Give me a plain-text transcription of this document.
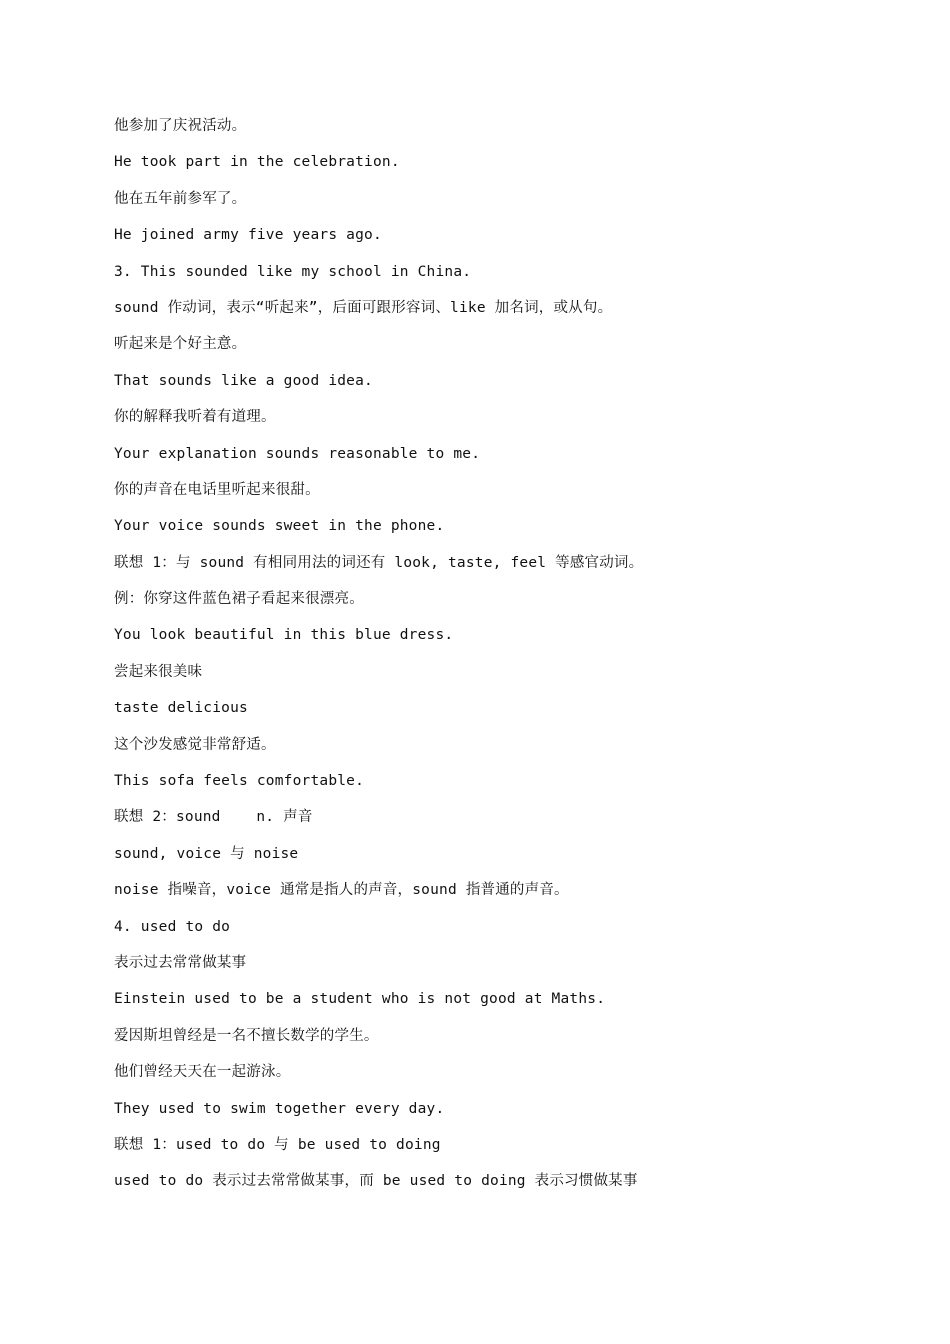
他参加了庆祝活动。
He took part in the celebration.
他在五年前参军了。
He joined army five years ago.
3. This sounded like my school in China.
sound 作动词，表示“听起来”，后面可跟形容词、like 加名词，或从句。
听起来是个好主意。
That sounds like a good idea.
你的解释我听着有道理。
Your explanation sounds reasonable to me.
你的声音在电话里听起来很甜。
Your voice sounds sweet in the phone.
联想 1：与 sound 有相同用法的词还有 look, taste, feel 等感官动词。
例：你穿这件蓝色裙子看起来很漂亮。
You look beautiful in this blue dress.
尝起来很美味
taste delicious
这个沙发感觉非常舒适。
This sofa feels comfortable.
联想 2：sound    n. 声音
sound, voice 与 noise
noise 指噪音，voice 通常是指人的声音，sound 指普通的声音。
4. used to do
表示过去常常做某事
Einstein used to be a student who is not good at Maths.
爱因斯坦曾经是一名不擅长数学的学生。
他们曾经天天在一起游泳。
They used to swim together every day.
联想 1：used to do 与 be used to doing
used to do 表示过去常常做某事，而 be used to doing 表示习惯做某事
